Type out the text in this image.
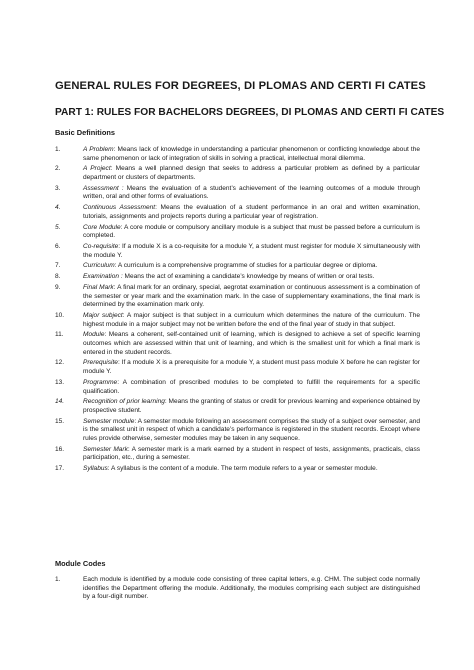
GENERAL RULES FOR DEGREES, DI PLOMAS AND CERTI FI CATES
PART 1: RULES FOR BACHELORS DEGREES, DI PLOMAS AND CERTI FI CATES
Basic Definitions
1.	A Problem: Means lack of knowledge in understanding a particular phenomenon or conflicting knowledge about the same phenomenon or lack of integration of skills in solving a practical, intellectual moral dilemma.
2.	A Project: Means a well planned design that seeks to address a particular problem as defined by a particular department or clusters of departments.
3.	Assessment : Means the evaluation of a student’s achievement of the learning outcomes of a module through written, oral and other forms of evaluations.
4.	Continuous Assessment: Means the evaluation of a student performance in an oral and written examination, tutorials, assignments and projects reports during a particular year of registration.
5.	Core Module: A core module or compulsory ancillary module is a subject that must be passed before a curriculum is completed.
6.	Co-requisite: If a module X is a co-requisite for a module Y, a student must register for module X simultaneously with the module Y.
7.	Curriculum: A curriculum is a comprehensive programme of studies for a particular degree or diploma.
8.	Examination : Means the act of examining a candidate’s knowledge by means of written or oral tests.
9.	Final Mark: A final mark for an ordinary, special, aegrotat examination or continuous assessment is a combination of the semester or year mark and the examination mark. In the case of supplementary examinations, the final mark is determined by the examination mark only.
10.	Major subject: A major subject is that subject in a curriculum which determines the nature of the curriculum. The highest module in a major subject may not be written before the end of the final year of study in that subject.
11.	Module: Means a coherent, self-contained unit of learning, which is designed to achieve a set of specific learning outcomes which are assessed within that unit of learning, and which is the smallest unit for which a final mark is entered in the student records.
12.	Prerequisite: If a module X is a prerequisite for a module Y, a student must pass module X before he can register for module Y.
13.	Programme: A combination of prescribed modules to be completed to fulfill the requirements for a specific qualification.
14.	Recognition of prior learning: Means the granting of status or credit for previous learning and experience obtained by prospective student.
15.	Semester module: A semester module following an assessment comprises the study of a subject over semester, and is the smallest unit in respect of which a candidate’s performance is registered in the student records. Except where rules provide otherwise, semester modules may be taken in any sequence.
16.	Semester Mark: A semester mark is a mark earned by a student in respect of tests, assignments, practicals, class participation, etc., during a semester.
17.	Syllabus: A syllabus is the content of a module. The term module refers to a year or semester module.
Module Codes
1.	Each module is identified by a module code consisting of three capital letters, e.g. CHM. The subject code normally identifies the Department offering the module. Additionally, the modules comprising each subject are distinguished by a four-digit number.
